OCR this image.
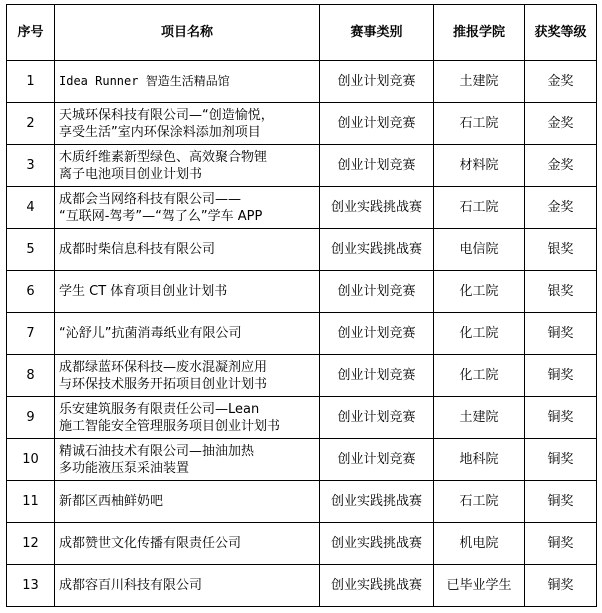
序号	项目名称	赛事类别	推报学院	获奖等级
1	Idea Runner 智造生活精品馆	创业计划竞赛	土建院	金奖
2	天城环保科技有限公司—“创造愉悦，
享受生活”室内环保涂料添加剂项目	创业计划竞赛	石工院	金奖
3	木质纤维素新型绿色、高效聚合物锂
离子电池项目创业计划书	创业计划竞赛	材料院	金奖
4	成都会当网络科技有限公司——
“互联网-驾考”—“驾了么”学车 APP	创业实践挑战赛	石工院	金奖
5	成都时柴信息科技有限公司	创业实践挑战赛	电信院	银奖
6	学生 CT 体育项目创业计划书	创业计划竞赛	化工院	银奖
7	“沁舒儿”抗菌消毒纸业有限公司	创业计划竞赛	化工院	铜奖
8	成都绿蓝环保科技—废水混凝剂应用
与环保技术服务开拓项目创业计划书	创业计划竞赛	化工院	铜奖
9	乐安建筑服务有限责任公司—Lean
施工智能安全管理服务项目创业计划书	创业计划竞赛	土建院	铜奖
10	精诚石油技术有限公司—抽油加热
多功能液压泵采油装置	创业计划竞赛	地科院	铜奖
11	新都区西柚鲜奶吧	创业实践挑战赛	石工院	铜奖
12	成都赞世文化传播有限责任公司	创业实践挑战赛	机电院	铜奖
13	成都容百川科技有限公司	创业实践挑战赛	已毕业学生	铜奖
